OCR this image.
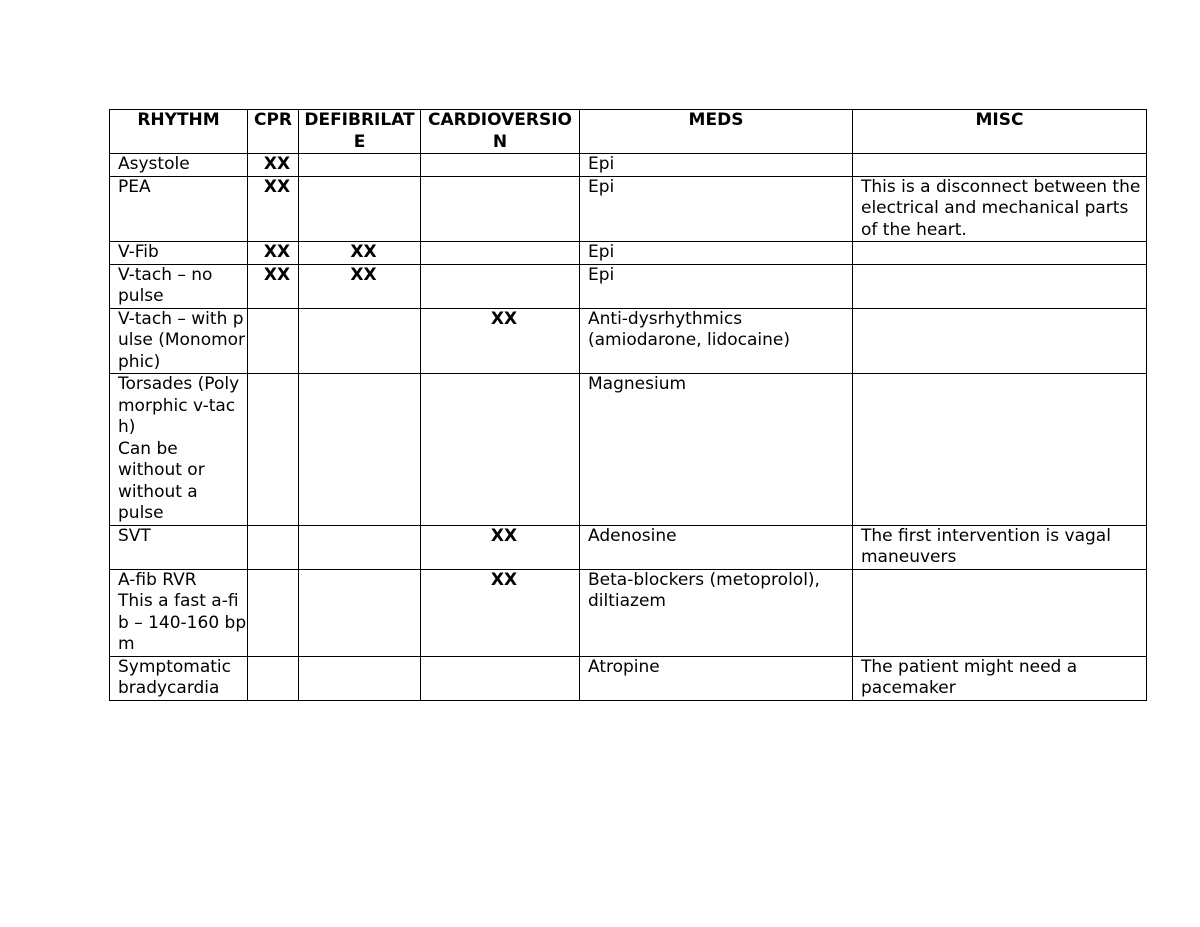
RHYTHM	CPR	DEFIBRILATE	CARDIOVERSION	MEDS	MISC

Asystole	XX			Epi	

PEA	XX			Epi	This is a disconnect between the electrical and mechanical parts of the heart.

V-Fib	XX	XX		Epi	

V-tach – no pulse	XX	XX		Epi	

V-tach – with pulse (Monomorphic)			XX	Anti-dysrhythmics (amiodarone, lidocaine)	

Torsades (Polymorphic v-tach)
Can be without or without a pulse				Magnesium	

SVT			XX	Adenosine	The first intervention is vagal maneuvers

A-fib RVR
This a fast a-fib – 140-160 bpm			XX	Beta-blockers (metoprolol), diltiazem	

Symptomatic bradycardia				Atropine	The patient might need a pacemaker
